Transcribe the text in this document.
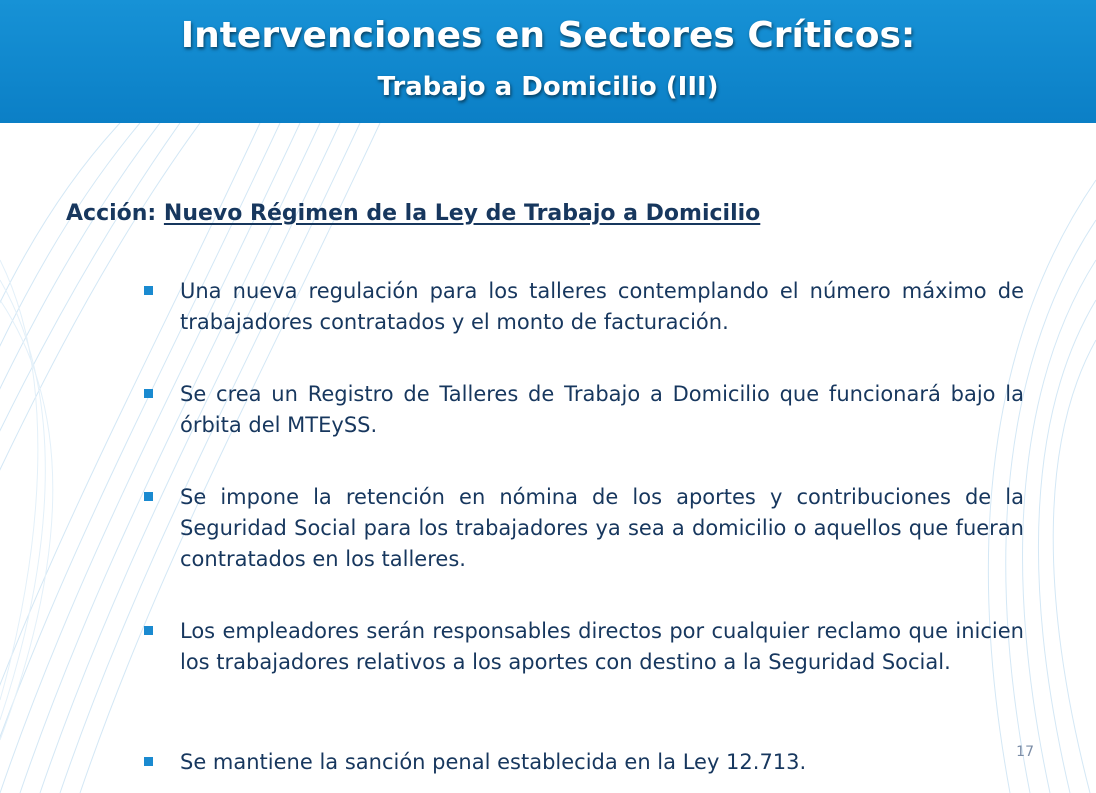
Intervenciones en Sectores Críticos:
Trabajo a Domicilio (III)
Acción: Nuevo Régimen de la Ley de Trabajo a Domicilio
Una nueva regulación para los talleres contemplando el número máximo de trabajadores contratados y el monto de facturación.
Se crea un Registro de Talleres de Trabajo a Domicilio que funcionará bajo la órbita del MTEySS.
Se impone la retención en nómina de los aportes y contribuciones de la Seguridad Social para los trabajadores ya sea a domicilio o aquellos que fueran contratados en los talleres.
Los empleadores serán responsables directos por cualquier reclamo que inicien los trabajadores relativos a los aportes con destino a la Seguridad Social.
Se mantiene la sanción penal establecida en la Ley 12.713.	17
